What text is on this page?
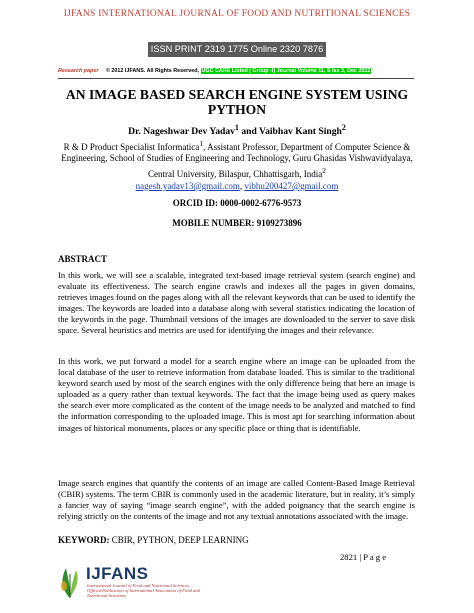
IJFANS INTERNATIONAL JOURNAL OF FOOD AND NUTRITIONAL SCIENCES
ISSN PRINT 2319 1775 Online 2320 7876
Research paper © 2012 IJFANS. All Rights Reserved, UGC CARE Listed ( Group -I) Journal Volume 11, S Iss 3, Dec 2022
AN IMAGE BASED SEARCH ENGINE SYSTEM USING PYTHON
Dr. Nageshwar Dev Yadav$^1$ and Vaibhav Kant Singh$^2$
R & D Product Specialist Informatica$^1$, Assistant Professor, Department of Computer Science & Engineering, School of Studies of Engineering and Technology, Guru Ghasidas Vishwavidyalaya, Central University, Bilaspur, Chhattisgarh, India$^2$
nagesh.yadav13@gmail.com, vibhu200427@gmail.com
ORCID ID: 0000-0002-6776-9573
MOBILE NUMBER: 9109273896
ABSTRACT
In this work, we will see a scalable, integrated text-based image retrieval system (search engine) and evaluate its effectiveness. The search engine crawls and indexes all the pages in given domains, retrieves images found on the pages along with all the relevant keywords that can be used to identify the images. The keywords are loaded into a database along with several statistics indicating the location of the keywords in the page. Thumbnail versions of the images are downloaded to the server to save disk space. Several heuristics and metrics are used for identifying the images and their relevance.
In this work, we put forward a model for a search engine where an image can be uploaded from the local database of the user to retrieve information from database loaded. This is similar to the traditional keyword search used by most of the search engines with the only difference being that here an image is uploaded as a query rather than textual keywords. The fact that the image being used as query makes the search ever more complicated as the content of the image needs to be analyzed and matched to find the information corresponding to the uploaded image. This is most apt for searching information about images of historical monuments, places or any specific place or thing that is identifiable.
Image search engines that quantify the contents of an image are called Content-Based Image Retrieval (CBIR) systems. The term CBIR is commonly used in the academic literature, but in reality, it’s simply a fancier way of saying “image search engine”, with the added poignancy that the search engine is relying strictly on the contents of the image and not any textual annotations associated with the image.
KEYWORD: CBIR, PYTHON, DEEP LEARNING
2821 | P a g e
IJFANS
International Journal of Food and Nutritional Sciences
Official Publication of International Association of Food and Nutritional Scientists
